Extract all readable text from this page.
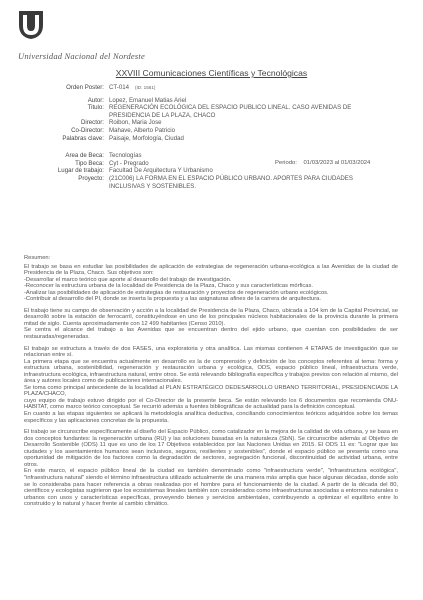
Universidad Nacional del Nordeste
XXVIII Comunicaciones Científicas y Tecnológicas
Orden Poster: CT-014 (ID: 1561)
Autor: Lopez, Emanuel Matias Ariel
Titulo: REGENERACIÓN ECOLÓGICA DEL ESPACIO PUBLICO LINEAL. CASO AVENIDAS DE PRESIDENCIA DE LA PLAZA, CHACO
Director: Roibon, Maria Jose
Co-Director: Mahave, Alberto Patricio
Palabras clave: Paisaje, Morfología, Ciudad
Area de Beca: Tecnologías
Tipo Beca: Cyt - Pregrado	Periodo: 01/03/2023 al 01/03/2024
Lugar de trabajo: Facultad De Arquitectura Y Urbanismo
Proyecto: (21C006) LA FORMA EN EL ESPACIO PÚBLICO URBANO. APORTES PARA CIUDADES INCLUSIVAS Y SOSTENIBLES.

Resumen:

El trabajo se basa en estudiar las posibilidades de aplicación de estrategias de regeneración urbana-ecológica a las Avenidas de la ciudad de Presidencia de la Plaza, Chaco. Sus objetivos son:
-Desarrollar el marco teórico que aporte al desarrollo del trabajo de investigación.
-Reconocer la estructura urbana de la localidad de Presidencia de la Plaza, Chaco y sus características mórficas.
-Analizar las posibilidades de aplicación de estrategias de restauración y proyectos de regeneración urbano ecológicos.
-Contribuir al desarrollo del PI, donde se inserta la propuesta y a las asignaturas afines de la carrera de arquitectura.

El trabajo tiene su campo de observación y acción a la localidad de Presidencia de la Plaza, Chaco, ubicada a 104 km de la Capital Provincial, se desarrolló sobre la estación de ferrocarril, constituyéndose en uno de los principales núcleos habitacionales de la provincia durante la primera mitad de siglo. Cuenta aproximadamente con 12 499 habitantes (Censo 2010).
Se centra el alcance del trabajo a las Avenidas que se encuentran dentro del ejido urbano, que cuentan con posibilidades de ser restauradas/regeneradas.

El trabajo se estructura a través de dos FASES, una exploratoria y otra analítica. Las mismas contienen 4 ETAPAS de investigación que se relacionan entre sí.
La primera etapa que se encuentra actualmente en desarrollo es la de comprensión y definición de los conceptos referentes al tema: forma y estructura urbana, sostenibilidad, regeneración y restauración urbana y ecológica, ODS, espacio público lineal, infraestructura verde, infraestructura ecológica, infraestructura natural, entre otros. Se está relevando bibliografía específica y trabajos previos con relación al mismo, del área y autores locales como de publicaciones internacionales.
Se toma como principal antecedente de la localidad al PLAN ESTRATÉGICO DEDESARROLLO URBANO TERRITORIAL, PRESIDENCIADE LA PLAZA/CHACO,
cuyo equipo de trabajo estuvo dirigido por el Co-Director de la presente beca. Se están relevando los 6 documentos que recomienda ONU-HABITAT, como marco teórico conceptual. Se recurrió además a fuentes bibliográficas de actualidad para la definición conceptual.
En cuanto a las etapas siguientes se aplicará la metodología analítica deductiva, conciliando conocimientos teóricos adquiridos sobre los temas específicos y las aplicaciones concretas de la propuesta.

El trabajo se circunscribe específicamente al diseño del Espacio Público, como catalizador en la mejora de la calidad de vida urbana, y se basa en dos conceptos fundantes: la regeneración urbana (RU) y las soluciones basadas en la naturaleza (SbN). Se circunscribe además al Objetivo de Desarrollo Sostenible (ODS) 11 que es uno de los 17 Objetivos establecidos por las Naciones Unidas en 2015. El ODS 11 es: "Lograr que las ciudades y los asentamientos humanos sean inclusivos, seguros, resilientes y sostenibles", donde el espacio público se presenta como una oportunidad de mitigación de los factores como la degradación de sectores, segregación funcional, discontinuidad de actividad urbana, entre otros.
En este marco, el espacio público lineal de la ciudad es también denominado como "infraestructura verde", "infraestructura ecológica", "infraestructura natural" siendo el término infraestructura utilizado actualmente de una manera más amplia que hace algunas décadas, donde solo se lo consideraba para hacer referencia a obras realizadas por el hombre para el funcionamiento de la ciudad. A partir de la década del 80, científicos y ecologistas sugirieron que los ecosistemas lineales también son considerados como infraestructuras asociadas a entornos naturales o urbanos con usos y características específicas, proveyendo bienes y servicios ambientales, contribuyendo a optimizar el equilibrio entre lo construido y lo natural y hacer frente al cambio climático.
